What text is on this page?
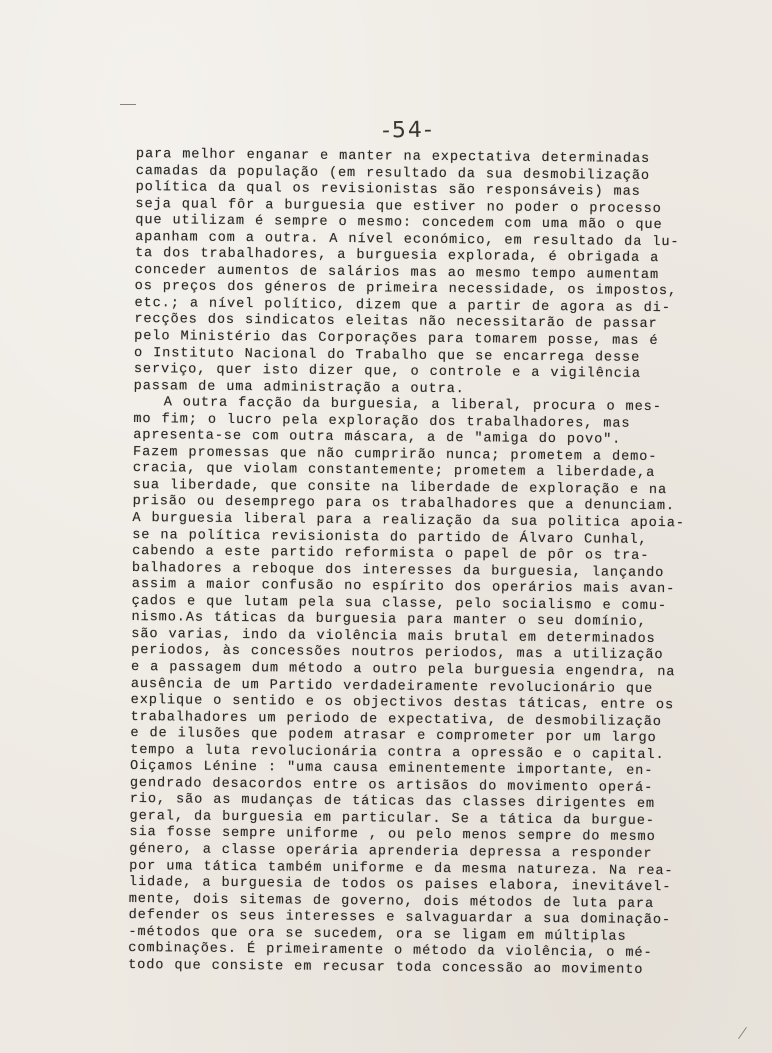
-54-
para melhor enganar e manter na expectativa determinadas
camadas da população (em resultado da sua desmobilização
política da qual os revisionistas são responsáveis) mas
seja qual fôr a burguesia que estiver no poder o processo
que utilizam é sempre o mesmo: concedem com uma mão o que
apanham com a outra. A nível económico, em resultado da lu-
ta dos trabalhadores, a burguesia explorada, é obrigada a
conceder aumentos de salários mas ao mesmo tempo aumentam
os preços dos géneros de primeira necessidade, os impostos,
etc.; a nível político, dizem que a partir de agora as di-
recções dos sindicatos eleitas não necessitarão de passar
pelo Ministério das Corporações para tomarem posse, mas é
o Instituto Nacional do Trabalho que se encarrega desse
serviço, quer isto dizer que, o controle e a vigilência
passam de uma administração a outra.
A outra facção da burguesia, a liberal, procura o mes-
mo fim; o lucro pela exploração dos trabalhadores, mas
apresenta-se com outra máscara, a de "amiga do povo".
Fazem promessas que não cumprirão nunca; prometem a demo-
cracia, que violam constantemente; prometem a liberdade,a
sua liberdade, que consite na liberdade de exploração e na
prisão ou desemprego para os trabalhadores que a denunciam.
A burguesia liberal para a realização da sua politica apoia-
se na política revisionista do partido de Álvaro Cunhal,
cabendo a este partido reformista o papel de pôr os tra-
balhadores a reboque dos interesses da burguesia, lançando
assim a maior confusão no espírito dos operários mais avan-
çados e que lutam pela sua classe, pelo socialismo e comu-
nismo.As táticas da burguesia para manter o seu domínio,
são varias, indo da violência mais brutal em determinados
periodos, às concessões noutros periodos, mas a utilização
e a passagem dum método a outro pela burguesia engendra, na
ausência de um Partido verdadeiramente revolucionário que
explique o sentido e os objectivos destas táticas, entre os
trabalhadores um periodo de expectativa, de desmobilização
e de ilusões que podem atrasar e comprometer por um largo
tempo a luta revolucionária contra a opressão e o capital.
Oiçamos Lénine : "uma causa eminentemente importante, en-
gendrado desacordos entre os artisãos do movimento operá-
rio, são as mudanças de táticas das classes dirigentes em
geral, da burguesia em particular. Se a tática da burgue-
sia fosse sempre uniforme , ou pelo menos sempre do mesmo
género, a classe operária aprenderia depressa a responder
por uma tática também uniforme e da mesma natureza. Na rea-
lidade, a burguesia de todos os paises elabora, inevitável-
mente, dois sitemas de governo, dois métodos de luta para
defender os seus interesses e salvaguardar a sua dominação-
-métodos que ora se sucedem, ora se ligam em múltiplas
combinações. É primeiramente o método da violência, o mé-
todo que consiste em recusar toda concessão ao movimento
